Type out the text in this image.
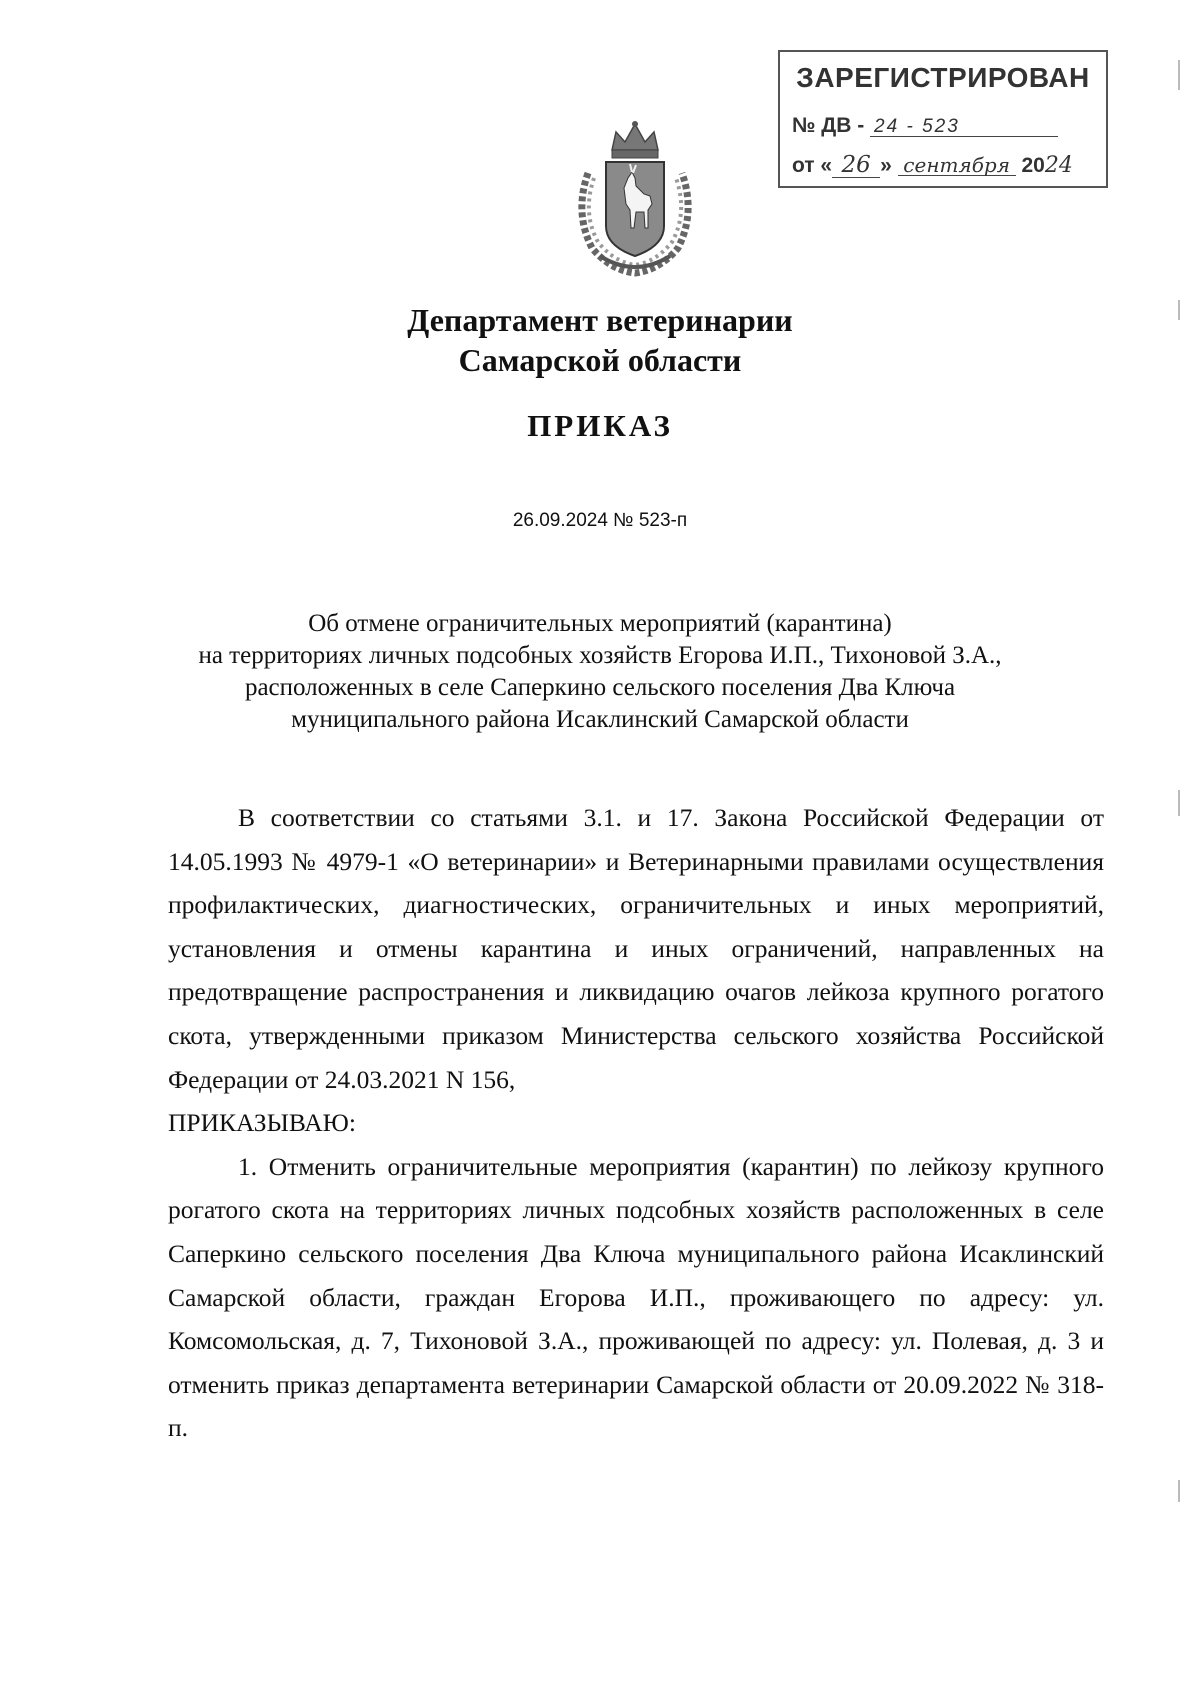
ЗАРЕГИСТРИРОВАН
№ ДВ - 24 - 523
от « 26 » сентября 2024
Департамент ветеринарии
Самарской области
ПРИКАЗ
26.09.2024 № 523-п
Об отмене ограничительных мероприятий (карантина)
на территориях личных подсобных хозяйств Егорова И.П., Тихоновой З.А.,
расположенных в селе Саперкино сельского поселения Два Ключа
муниципального района Исаклинский Самарской области

В соответствии со статьями 3.1. и 17. Закона Российской Федерации от 14.05.1993 № 4979-1 «О ветеринарии» и Ветеринарными правилами осуществления профилактических, диагностических, ограничительных и иных мероприятий, установления и отмены карантина и иных ограничений, направленных на предотвращение распространения и ликвидацию очагов лейкоза крупного рогатого скота, утвержденными приказом Министерства сельского хозяйства Российской Федерации от 24.03.2021 N 156,

ПРИКАЗЫВАЮ:

1. Отменить ограничительные мероприятия (карантин) по лейкозу крупного рогатого скота на территориях личных подсобных хозяйств расположенных в селе Саперкино сельского поселения Два Ключа муниципального района Исаклинский Самарской области, граждан Егорова И.П., проживающего по адресу: ул. Комсомольская, д. 7, Тихоновой З.А., проживающей по адресу: ул. Полевая, д. 3 и отменить приказ департамента ветеринарии Самарской области от 20.09.2022 № 318-п.
